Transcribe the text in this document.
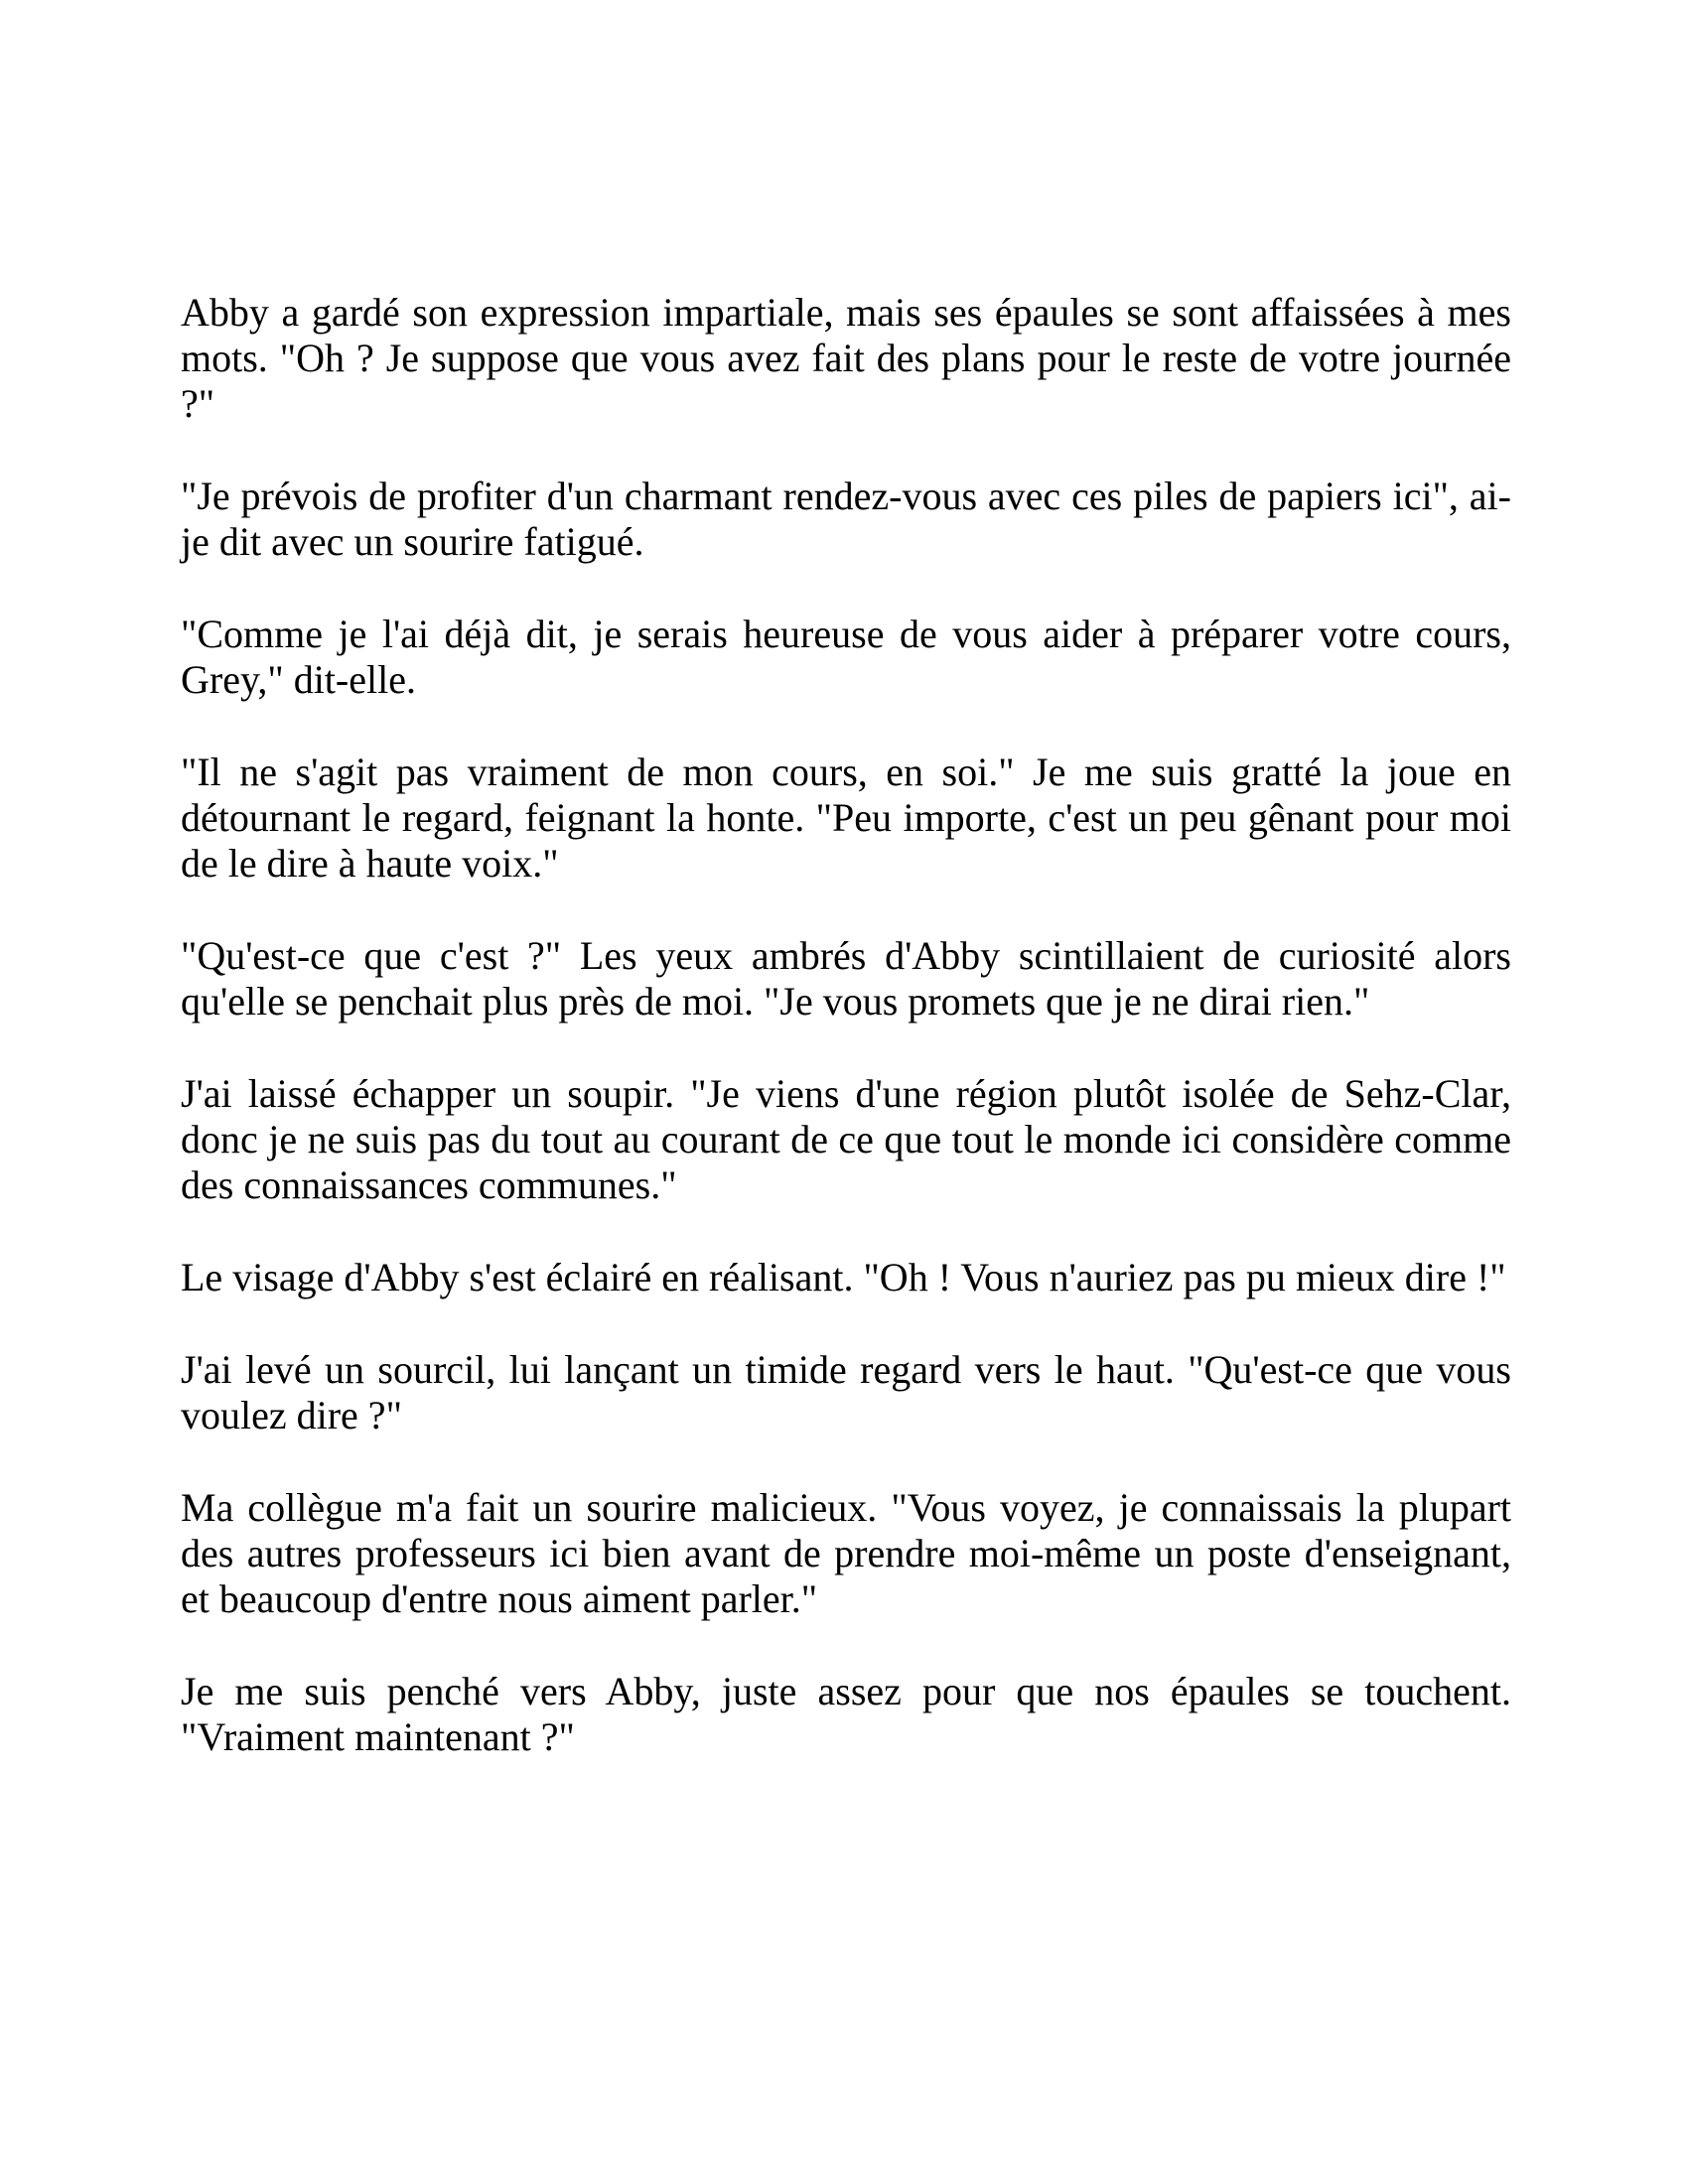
Abby a gardé son expression impartiale, mais ses épaules se sont affaissées à mes mots. "Oh ? Je suppose que vous avez fait des plans pour le reste de votre journée ?"

"Je prévois de profiter d'un charmant rendez-vous avec ces piles de papiers ici", ai-je dit avec un sourire fatigué.

"Comme je l'ai déjà dit, je serais heureuse de vous aider à préparer votre cours, Grey," dit-elle.

"Il ne s'agit pas vraiment de mon cours, en soi." Je me suis gratté la joue en détournant le regard, feignant la honte. "Peu importe, c'est un peu gênant pour moi de le dire à haute voix."

"Qu'est-ce que c'est ?" Les yeux ambrés d'Abby scintillaient de curiosité alors qu'elle se penchait plus près de moi. "Je vous promets que je ne dirai rien."

J'ai laissé échapper un soupir. "Je viens d'une région plutôt isolée de Sehz-Clar, donc je ne suis pas du tout au courant de ce que tout le monde ici considère comme des connaissances communes."

Le visage d'Abby s'est éclairé en réalisant. "Oh ! Vous n'auriez pas pu mieux dire !"

J'ai levé un sourcil, lui lançant un timide regard vers le haut. "Qu'est-ce que vous voulez dire ?"

Ma collègue m'a fait un sourire malicieux. "Vous voyez, je connaissais la plupart des autres professeurs ici bien avant de prendre moi-même un poste d'enseignant, et beaucoup d'entre nous aiment parler."

Je me suis penché vers Abby, juste assez pour que nos épaules se touchent. "Vraiment maintenant ?"
